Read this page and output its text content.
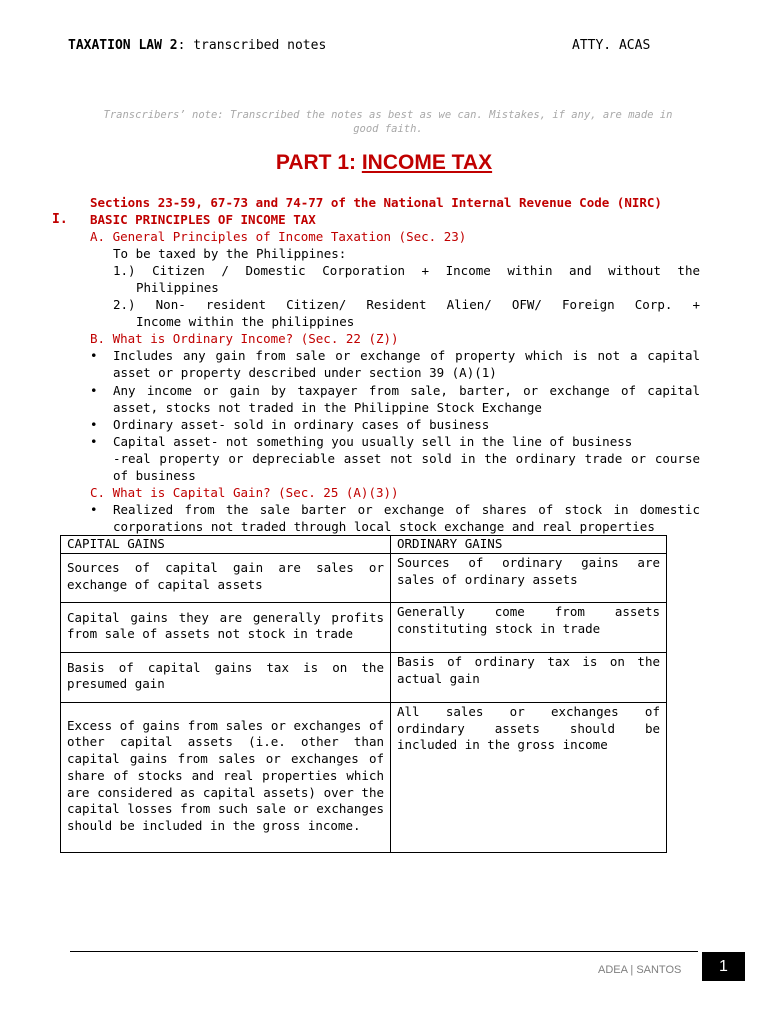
TAXATION LAW 2: transcribed notes	ATTY. ACAS
Transcribers’ note: Transcribed the notes as best as we can. Mistakes, if any, are made in good faith.
PART 1: INCOME TAX
Sections 23-59, 67-73 and 74-77 of the National Internal Revenue Code (NIRC)
I. BASIC PRINCIPLES OF INCOME TAX
A. General Principles of Income Taxation (Sec. 23)
To be taxed by the Philippines:
1.) Citizen / Domestic Corporation + Income within and without the
Philippines
2.) Non- resident Citizen/ Resident Alien/ OFW/ Foreign Corp. +
Income within the philippines
B. What is Ordinary Income? (Sec. 22 (Z))
• Includes any gain from sale or exchange of property which is not a capital
asset or property described under section 39 (A)(1)
• Any income or gain by taxpayer from sale, barter, or exchange of capital
asset, stocks not traded in the Philippine Stock Exchange
• Ordinary asset- sold in ordinary cases of business
• Capital asset- not something you usually sell in the line of business
-real property or depreciable asset not sold in the ordinary trade or course
of business
C. What is Capital Gain? (Sec. 25 (A)(3))
• Realized from the sale barter or exchange of shares of stock in domestic
corporations not traded through local stock exchange and real properties
CAPITAL GAINS	ORDINARY GAINS
Sources of capital gain are sales or exchange of capital assets	Sources of ordinary gains are sales of ordinary assets
Capital gains they are generally profits from sale of assets not stock in trade	Generally come from assets constituting stock in trade
Basis of capital gains tax is on the presumed gain	Basis of ordinary tax is on the actual gain
Excess of gains from sales or exchanges of other capital assets (i.e. other than capital gains from sales or exchanges of share of stocks and real properties which are considered as capital assets) over the capital losses from such sale or exchanges should be included in the gross income.	All sales or exchanges of ordindary assets should be included in the gross income
ADEA | SANTOS	1
